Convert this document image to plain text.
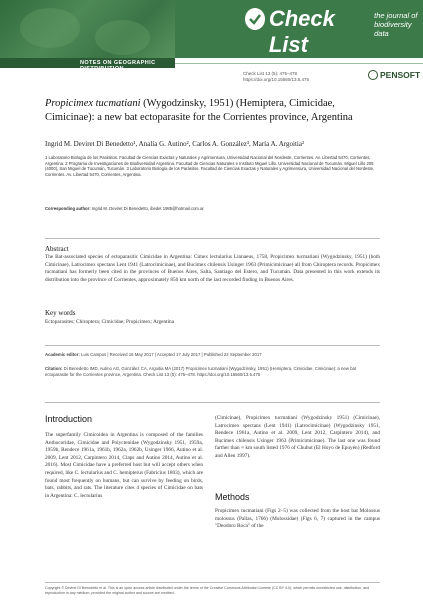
Check List
the journal of
biodiversity data
NOTES ON GEOGRAPHIC DISTRIBUTION
Check List 13 (5): 475–478
https://doi.org/10.15560/13.5.475	PENSOFT
Propicimex tucmatiani (Wygodzinsky, 1951) (Hemiptera, Cimicidae, Cimicinae): a new bat ectoparasite for the Corrientes province, Argentina
Ingrid M. Deviret Di Benedetto¹, Analía G. Autino², Carlos A. González³, María A. Argoitia²
1 Laboratorio Biología de los Parásitos. Facultad de Ciencias Exactas y Naturales y Agrimensura, Universidad Nacional del Nordeste, Corrientes. Av. Libertad 5470, Corrientes, Argentina. 2 Programa de Investigaciones de Biodiversidad Argentina. Facultad de Ciencias Naturales e Instituto Miguel Lillo. Universidad Nacional de Tucumán. Miguel Lillo 205 (4000), San Miguel de Tucumán, Tucumán. 3 Laboratorio Biología de los Parásitos. Facultad de Ciencias Exactas y Naturales y Agrimensura, Universidad Nacional del Nordeste, Corrientes. Av. Libertad 5470, Corrientes, Argentina.
Corresponding author: Ingrid M. Deviret Di Benedetto, ibedet 1985@hotmail.com.ar
Abstract
The Bat-associated species of ectoparasitic Cimicidae in Argentina: Cimex lectularius Linnaeus, 1758, Propicimex tucmatiani (Wygodzinsky, 1951) (both Cimicinae), Latrocimex spectans Lent 1941 (Latrocimicinae), and Bucimex chilensis Usinger 1963 (Primicimicinae) all from Chiroptera records. Propicimex tucmatiani has formerly been cited in the provinces of Buenos Aires, Salta, Santiago del Estero, and Tucumán. Data presented in this work extends its distribution into the province of Corrientes, approximately 850 km north of the last recorded finding in Buenos Aires.
Key words
Ectoparasites; Chiroptera; Cimicidae; Propicimex; Argentina
Academic editor: Luis Campos | Received 16 May 2017 | Accepted 17 July 2017 | Published 22 September 2017
Citation: Di Benedetto IMD, Autino AG, González CA, Argoitia MA (2017) Propicimex tucmatiani (Wygodzinsky, 1951) (Hemiptera, Cimicidae, Cimicinae): a new bat ectoparasite for the Corrientes province, Argentina. Check List 13 (5): 475–478. https://doi.org/10.15560/13.5.475
Introduction
The superfamily Cimicoidea in Argentina is composed of the families Anthocoridae, Cimicidae and Polyctenidae (Wygodzinsky 1951, 1959a, 1959b, Rendece 1961a, 1961b, 1962a, 1962b, Usinger 1966, Autino et al. 2009, Lent 2012, Carpintero 2014, Claps and Autino 2014, Autino et al. 2016). Most Cimicidae have a preferred host but will accept others when required, like C. lectularius and C. hemipterus (Fabricius 1803), which are found most frequently on humans, but can survive by feeding on birds, bats, rabbits, and rats. The literature cites 4 species of Cimicidae on bats in Argentina: C. lectularius
(Cimicinae), Propicimex tucmatiani (Wygodzinsky 1951) (Cimicinae), Latrocimex spectans (Lent 1941) (Latrocimicinae) (Wygodzinsky 1951, Rendece 1961a, Autino et al. 2009, Lent 2012, Carpintero 2014), and Bucimex chilensis Usinger 1963 (Primicimicinae). The last one was found farther than ≈ km south listed 1976 of Chubut (El Hoyo de Epuyén) (Redford and Allen 1997).
Methods
Propicimex tucmatiani (Figs 2–5) was collected from the host bat Molossus molossus (Pallas, 1766) (Molossidae) (Figs 6, 7) captured in the campus "Deodoro Roca" of the
Copyright © Deviret Di Benedetto et al. This is an open access article distributed under the terms of the Creative Commons Attribution License (CC BY 4.0), which permits unrestricted use, distribution, and reproduction in any medium, provided the original author and source are credited.
